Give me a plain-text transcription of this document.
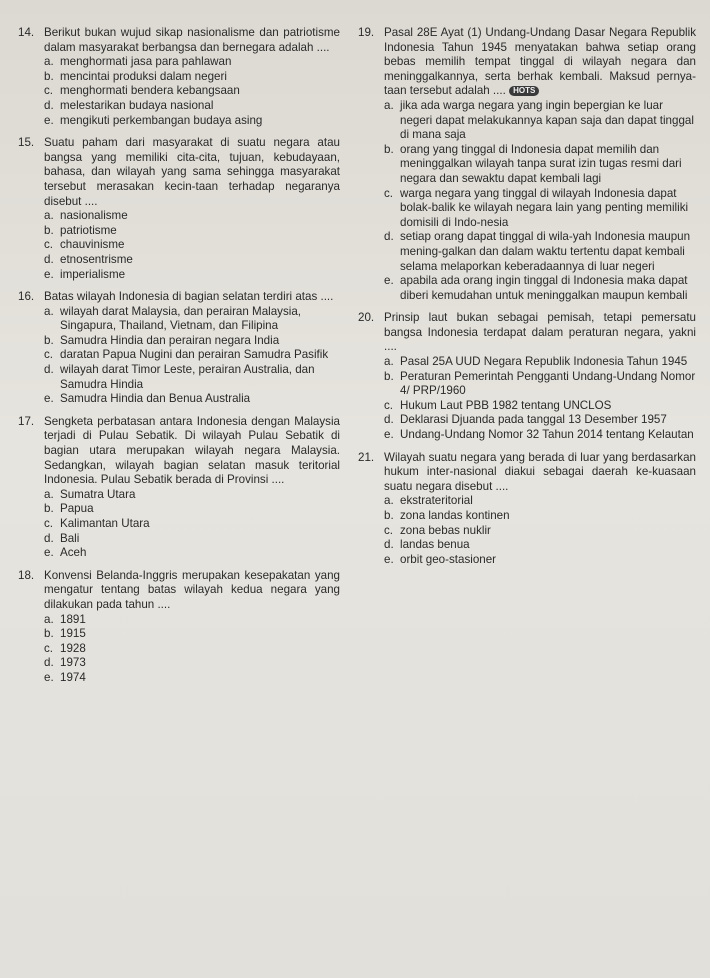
14. Berikut bukan wujud sikap nasionalisme dan patriotisme dalam masyarakat berbangsa dan bernegara adalah ....
a. menghormati jasa para pahlawan
b. mencintai produksi dalam negeri
c. menghormati bendera kebangsaan
d. melestarikan budaya nasional
e. mengikuti perkembangan budaya asing
15. Suatu paham dari masyarakat di suatu negara atau bangsa yang memiliki cita-cita, tujuan, kebudayaan, bahasa, dan wilayah yang sama sehingga masyarakat tersebut merasakan kecin-taan terhadap negaranya disebut ....
a. nasionalisme
b. patriotisme
c. chauvinisme
d. etnosentrisme
e. imperialisme
16. Batas wilayah Indonesia di bagian selatan terdiri atas ....
a. wilayah darat Malaysia, dan perairan Malaysia, Singapura, Thailand, Vietnam, dan Filipina
b. Samudra Hindia dan perairan negara India
c. daratan Papua Nugini dan perairan Samudra Pasifik
d. wilayah darat Timor Leste, perairan Australia, dan Samudra Hindia
e. Samudra Hindia dan Benua Australia
17. Sengketa perbatasan antara Indonesia dengan Malaysia terjadi di Pulau Sebatik. Di wilayah Pulau Sebatik di bagian utara merupakan wilayah negara Malaysia. Sedangkan, wilayah bagian selatan masuk teritorial Indonesia. Pulau Sebatik berada di Provinsi ....
a. Sumatra Utara
b. Papua
c. Kalimantan Utara
d. Bali
e. Aceh
18. Konvensi Belanda-Inggris merupakan kesepakatan yang mengatur tentang batas wilayah kedua negara yang dilakukan pada tahun ....
a. 1891
b. 1915
c. 1928
d. 1973
e. 1974
19. Pasal 28E Ayat (1) Undang-Undang Dasar Negara Republik Indonesia Tahun 1945 menyatakan bahwa setiap orang bebas memilih tempat tinggal di wilayah negara dan meninggalkannya, serta berhak kembali. Maksud pernya-taan tersebut adalah .... HOTS
a. jika ada warga negara yang ingin bepergian ke luar negeri dapat melakukannya kapan saja dan dapat tinggal di mana saja
b. orang yang tinggal di Indonesia dapat memilih dan meninggalkan wilayah tanpa surat izin tugas resmi dari negara dan sewaktu dapat kembali lagi
c. warga negara yang tinggal di wilayah Indonesia dapat bolak-balik ke wilayah negara lain yang penting memiliki domisili di Indo-nesia
d. setiap orang dapat tinggal di wila-yah Indonesia maupun mening-galkan dan dalam waktu tertentu dapat kembali selama melaporkan keberadaannya di luar negeri
e. apabila ada orang ingin tinggal di Indonesia maka dapat diberi kemudahan untuk meninggalkan maupun kembali
20. Prinsip laut bukan sebagai pemisah, tetapi pemersatu bangsa Indonesia terdapat dalam peraturan negara, yakni ....
a. Pasal 25A UUD Negara Republik Indonesia Tahun 1945
b. Peraturan Pemerintah Pengganti Undang-Undang Nomor 4/ PRP/1960
c. Hukum Laut PBB 1982 tentang UNCLOS
d. Deklarasi Djuanda pada tanggal 13 Desember 1957
e. Undang-Undang Nomor 32 Tahun 2014 tentang Kelautan
21. Wilayah suatu negara yang berada di luar yang berdasarkan hukum inter-nasional diakui sebagai daerah ke-kuasaan suatu negara disebut ....
a. ekstrateritorial
b. zona landas kontinen
c. zona bebas nuklir
d. landas benua
e. orbit geo-stasioner
